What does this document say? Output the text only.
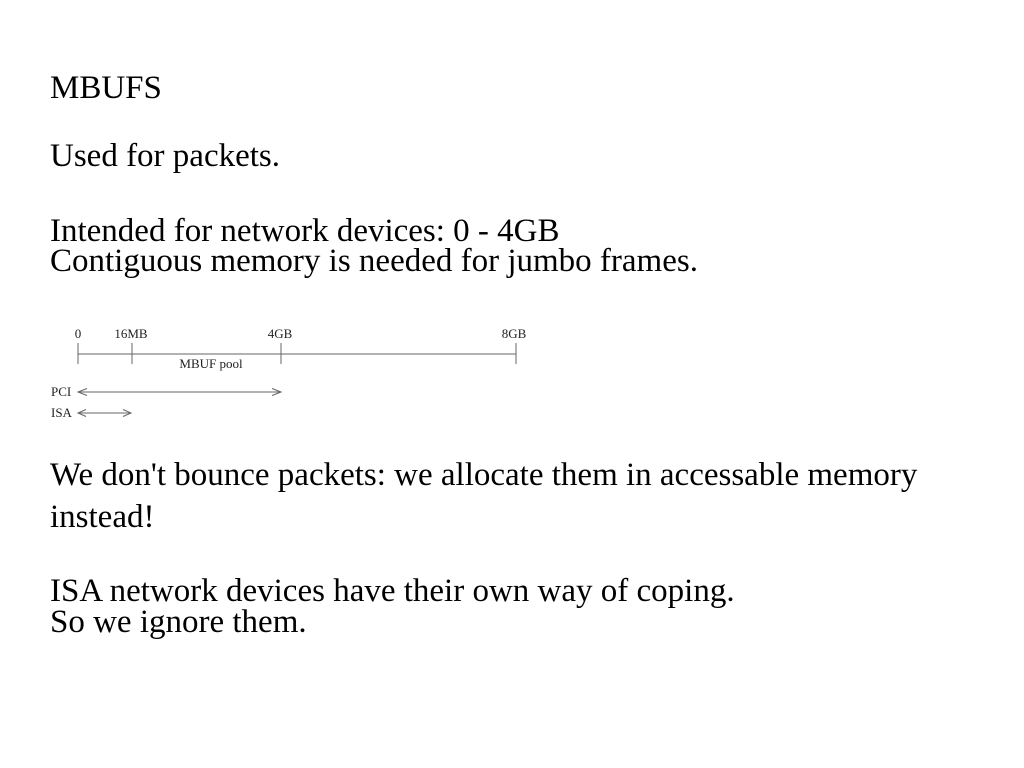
MBUFS
Used for packets.
Intended for network devices: 0 - 4GB
Contiguous memory is needed for jumbo frames.
We don't bounce packets: we allocate them in accessable memory
instead!
ISA network devices have their own way of coping.
So we ignore them.
0	16MB	4GB	8GB
MBUF pool
PCI
ISA
